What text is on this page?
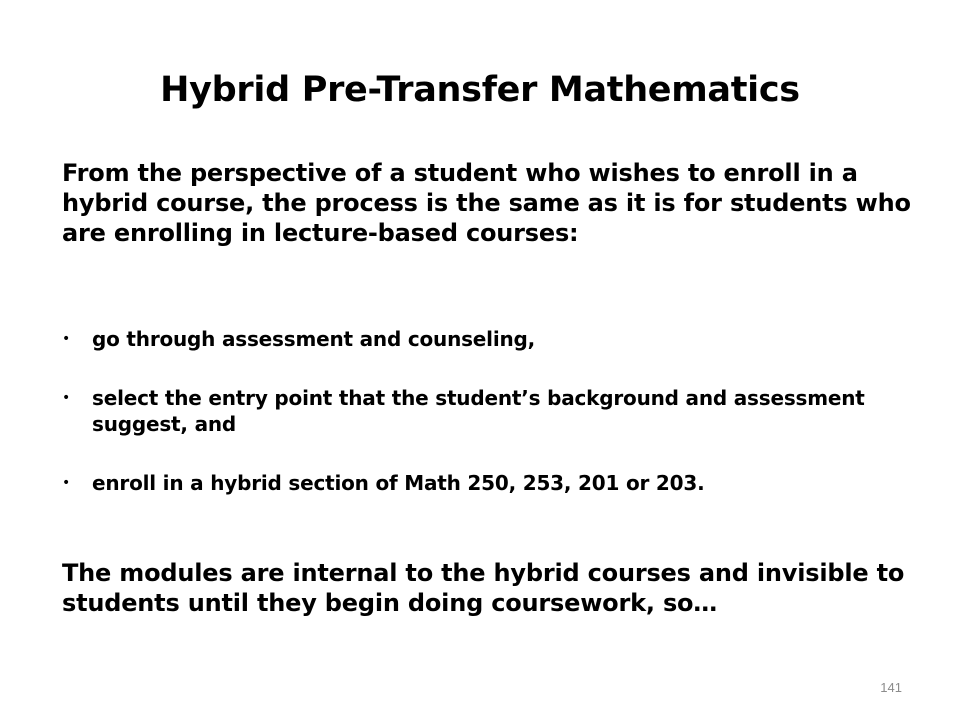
Hybrid Pre-Transfer Mathematics

From the perspective of a student who wishes to enroll in a hybrid course, the process is the same as it is for students who are enrolling in lecture-based courses:

• go through assessment and counseling,
• select the entry point that the student’s background and assessment suggest, and
• enroll in a hybrid section of Math 250, 253, 201 or 203.

The modules are internal to the hybrid courses and invisible to students until they begin doing coursework, so…

141
